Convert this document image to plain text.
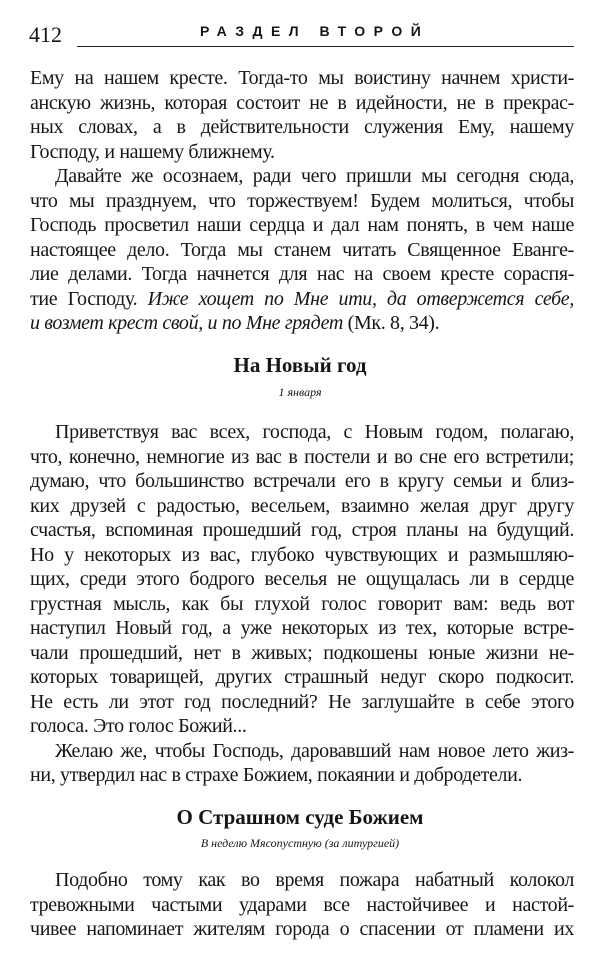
412	РАЗДЕЛ ВТОРОЙ
Ему на нашем кресте. Тогда-то мы воистину начнем христи-
анскую жизнь, которая состоит не в идейности, не в прекрас-
ных словах, а в действительности служения Ему, нашему
Господу, и нашему ближнему.
Давайте же осознаем, ради чего пришли мы сегодня сюда,
что мы празднуем, что торжествуем! Будем молиться, чтобы
Господь просветил наши сердца и дал нам понять, в чем наше
настоящее дело. Тогда мы станем читать Священное Еванге-
лие делами. Тогда начнется для нас на своем кресте сораспя-
тие Господу. Иже хощет по Мне ити, да отвержется себе,
и возмет крест свой, и по Мне грядет (Мк. 8, 34).
На Новый год
1 января
Приветствуя вас всех, господа, с Новым годом, полагаю,
что, конечно, немногие из вас в постели и во сне его встретили;
думаю, что большинство встречали его в кругу семьи и близ-
ких друзей с радостью, весельем, взаимно желая друг другу
счастья, вспоминая прошедший год, строя планы на будущий.
Но у некоторых из вас, глубоко чувствующих и размышляю-
щих, среди этого бодрого веселья не ощущалась ли в сердце
грустная мысль, как бы глухой голос говорит вам: ведь вот
наступил Новый год, а уже некоторых из тех, которые встре-
чали прошедший, нет в живых; подкошены юные жизни не-
которых товарищей, других страшный недуг скоро подкосит.
Не есть ли этот год последний? Не заглушайте в себе этого
голоса. Это голос Божий...
Желаю же, чтобы Господь, даровавший нам новое лето жиз-
ни, утвердил нас в страхе Божием, покаянии и добродетели.
О Страшном суде Божием
В неделю Мясопустную (за литургией)
Подобно тому как во время пожара набатный колокол
тревожными частыми ударами все настойчивее и настой-
чивее напоминает жителям города о спасении от пламени их
